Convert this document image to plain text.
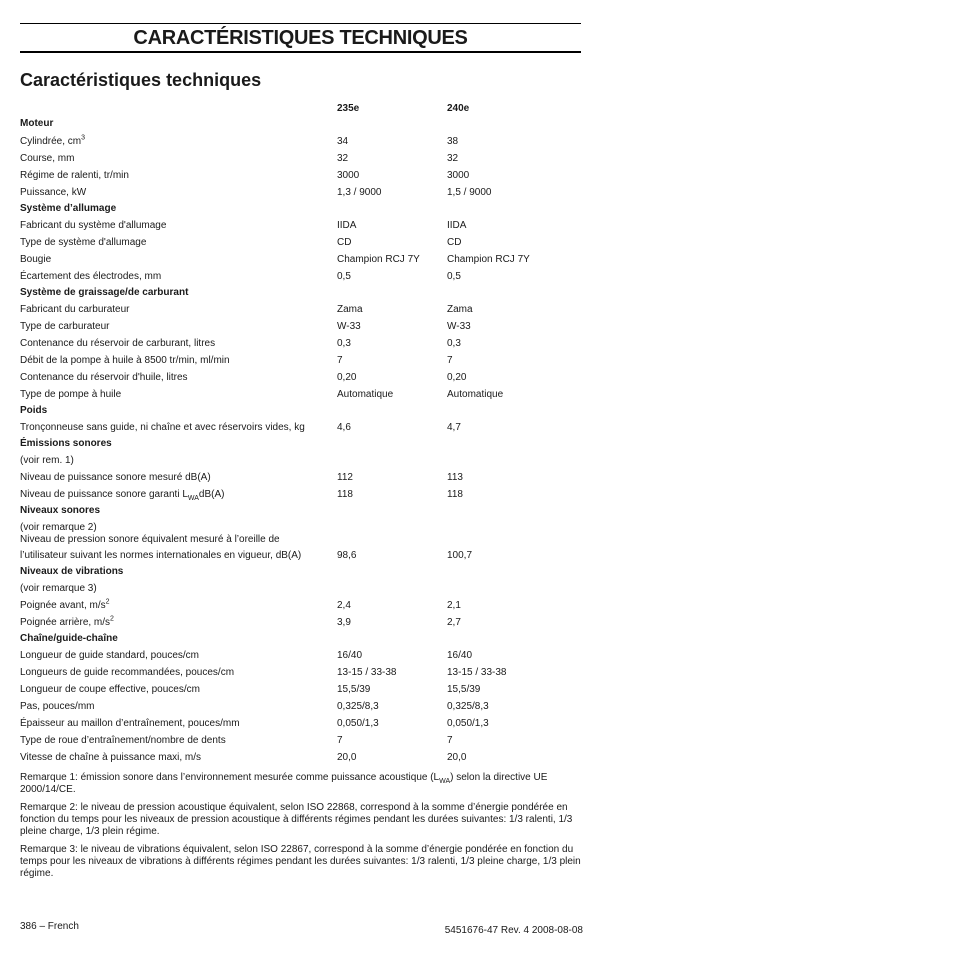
CARACTÉRISTIQUES TECHNIQUES
Caractéristiques techniques
235e	240e
Moteur
Cylindrée, $cm^3$	34	38
Course, mm	32	32
Régime de ralenti, tr/min	3000	3000
Puissance, kW	1,3 / 9000	1,5 / 9000
Système d’allumage
Fabricant du système d'allumage	IIDA	IIDA
Type de système d'allumage	CD	CD
Bougie	Champion RCJ 7Y	Champion RCJ 7Y
Écartement des électrodes, mm	0,5	0,5
Système de graissage/de carburant
Fabricant du carburateur	Zama	Zama
Type de carburateur	W-33	W-33
Contenance du réservoir de carburant, litres	0,3	0,3
Débit de la pompe à huile à 8500 tr/min, ml/min	7	7
Contenance du réservoir d'huile, litres	0,20	0,20
Type de pompe à huile	Automatique	Automatique
Poids
Tronçonneuse sans guide, ni chaîne et avec réservoirs vides, kg	4,6	4,7
Émissions sonores
(voir rem. 1)
Niveau de puissance sonore mesuré dB(A)	112	113
Niveau de puissance sonore garanti $L_{WA}dB(A)$	118	118
Niveaux sonores
(voir remarque 2)
Niveau de pression sonore équivalent mesuré à l’oreille de
l’utilisateur suivant les normes internationales en vigueur, dB(A)	98,6	100,7
Niveaux de vibrations
(voir remarque 3)
Poignée avant, $m/s^2$	2,4	2,1
Poignée arrière, $m/s^2$	3,9	2,7
Chaîne/guide-chaîne
Longueur de guide standard, pouces/cm	16/40	16/40
Longueurs de guide recommandées, pouces/cm	13-15 / 33-38	13-15 / 33-38
Longueur de coupe effective, pouces/cm	15,5/39	15,5/39
Pas, pouces/mm	0,325/8,3	0,325/8,3
Épaisseur au maillon d’entraînement, pouces/mm	0,050/1,3	0,050/1,3
Type de roue d’entraînement/nombre de dents	7	7
Vitesse de chaîne à puissance maxi, m/s	20,0	20,0

Remarque 1: émission sonore dans l’environnement mesurée comme puissance acoustique $(L_{WA})$ selon la directive UE 2000/14/CE.

Remarque 2: le niveau de pression acoustique équivalent, selon ISO 22868, correspond à la somme d’énergie pondérée en fonction du temps pour les niveaux de pression acoustique à différents régimes pendant les durées suivantes: 1/3 ralenti, 1/3 pleine charge, 1/3 plein régime.

Remarque 3: le niveau de vibrations équivalent, selon ISO 22867, correspond à la somme d’énergie pondérée en fonction du temps pour les niveaux de vibrations à différents régimes pendant les durées suivantes: 1/3 ralenti, 1/3 pleine charge, 1/3 plein régime.

386 – French	5451676-47 Rev. 4 2008-08-08
